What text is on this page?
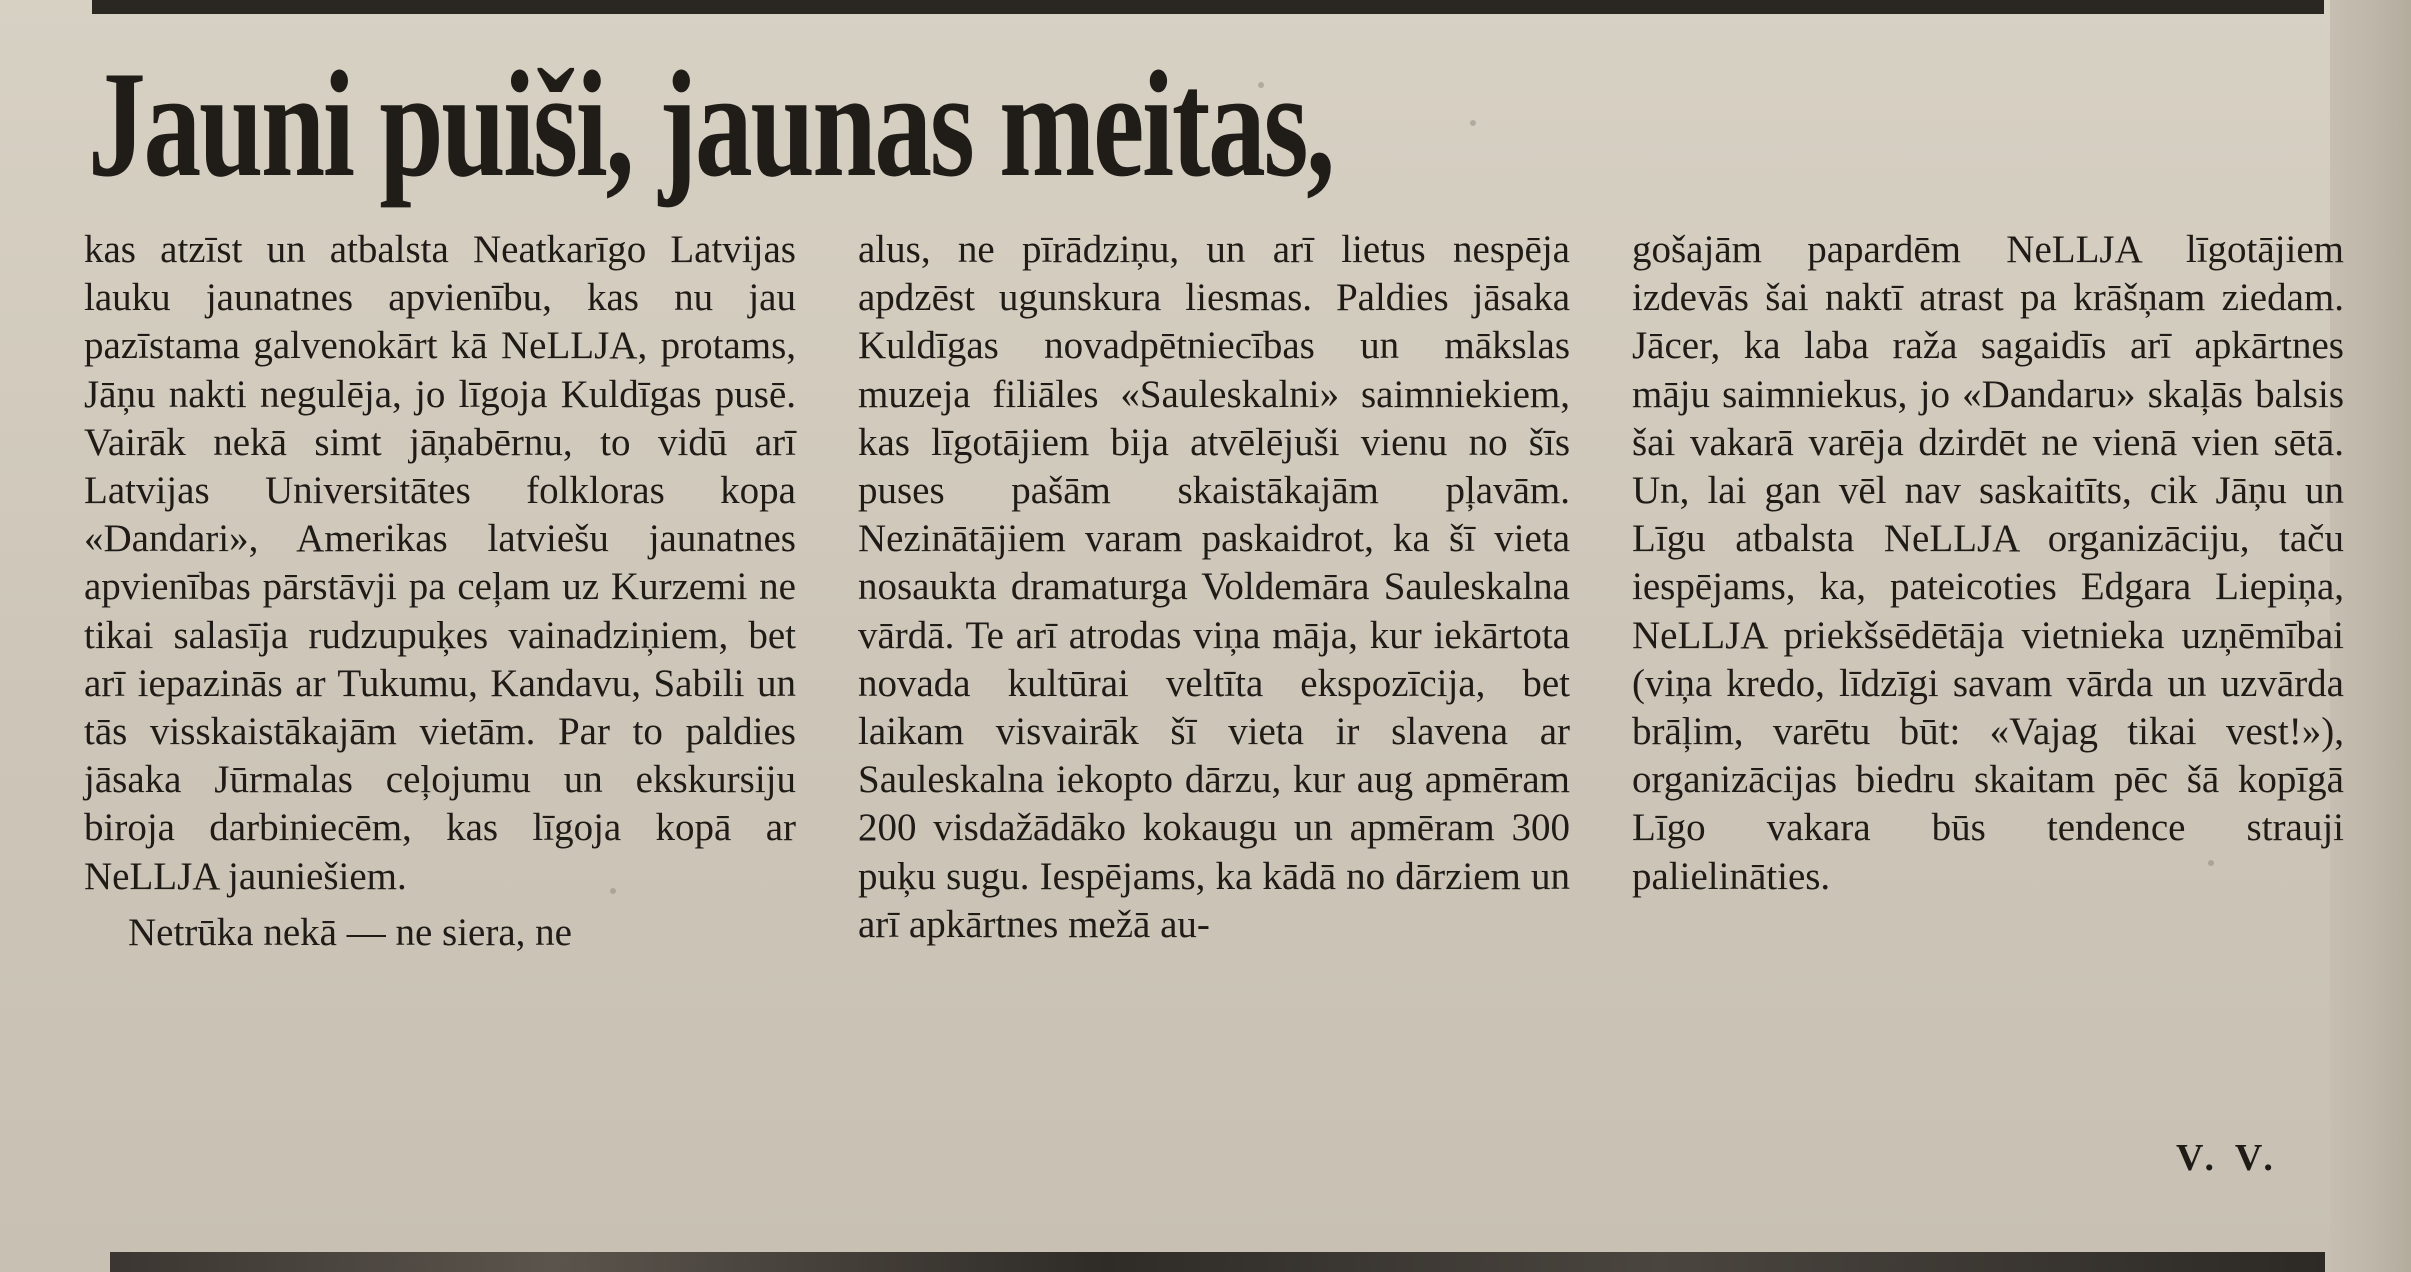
Jauni puiši, jaunas meitas,

kas atzīst un atbalsta Neatkarīgo Latvijas lauku jaunatnes apvienību, kas nu jau pazīstama galvenokārt kā NeLLJA, protams, Jāņu nakti negulēja, jo līgoja Kuldīgas pusē. Vairāk nekā simt jāņabērnu, to vidū arī Latvijas Universitātes folkloras kopa «Dandari», Amerikas latviešu jaunatnes apvienības pārstāvji pa ceļam uz Kurzemi ne tikai salasīja rudzupuķes vainadziņiem, bet arī iepazinās ar Tukumu, Kandavu, Sabili un tās visskaistākajām vietām. Par to paldies jāsaka Jūrmalas ceļojumu un ekskursiju biroja darbiniecēm, kas līgoja kopā ar NeLLJA jauniešiem.

Netrūka nekā — ne siera, ne

alus, ne pīrādziņu, un arī lietus nespēja apdzēst ugunskura liesmas. Paldies jāsaka Kuldīgas novadpētniecības un mākslas muzeja filiāles «Sauleskalni» saimniekiem, kas līgotājiem bija atvēlējuši vienu no šīs puses pašām skaistākajām pļavām. Nezinātājiem varam paskaidrot, ka šī vieta nosaukta dramaturga Voldemāra Sauleskalna vārdā. Te arī atrodas viņa māja, kur iekārtota novada kultūrai veltīta ekspozīcija, bet laikam visvairāk šī vieta ir slavena ar Sauleskalna iekopto dārzu, kur aug apmēram 200 visdažādāko kokaugu un apmēram 300 puķu sugu. Iespējams, ka kādā no dārziem un arī apkārtnes mežā au-

gošajām papardēm NeLLJA līgotājiem izdevās šai naktī atrast pa krāšņam ziedam. Jācer, ka laba raža sagaidīs arī apkārtnes māju saimniekus, jo «Dandaru» skaļās balsis šai vakarā varēja dzirdēt ne vienā vien sētā. Un, lai gan vēl nav saskaitīts, cik Jāņu un Līgu atbalsta NeLLJA organizāciju, taču iespējams, ka, pateicoties Edgara Liepiņa, NeLLJA priekšsēdētāja vietnieka uzņēmībai (viņa kredo, līdzīgi savam vārda un uzvārda brāļim, varētu būt: «Vajag tikai vest!»), organizācijas biedru skaitam pēc šā kopīgā Līgo vakara būs tendence strauji palielināties.

V. V.
